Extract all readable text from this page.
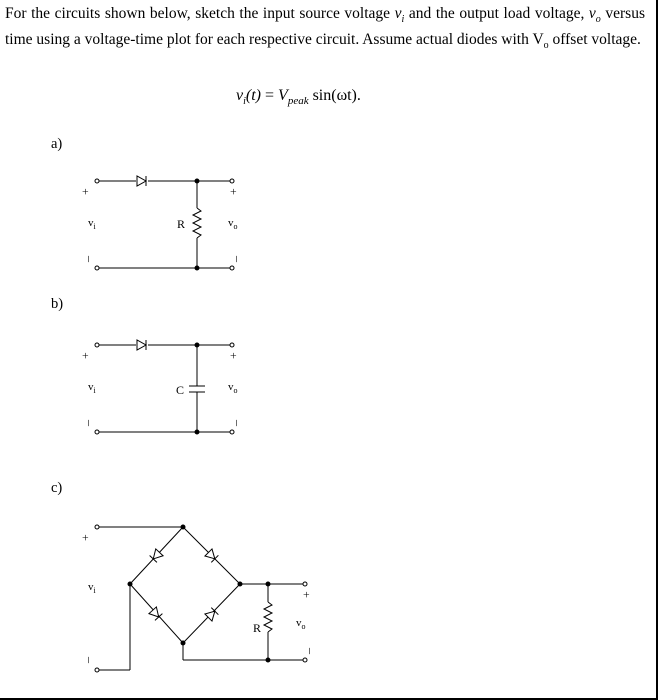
For the circuits shown below, sketch the input source voltage $v_i$ and the output load voltage, $v_o$ versus time using a voltage-time plot for each respective circuit. Assume actual diodes with $V_o$ offset voltage.

$v_i(t) = V_{peak}$ sin(ωt).
a)
b)
c)
+
–
$v_i$	R	$v_o$
+
–
+
–
$v_i$	C	$v_o$
+
–
+
–
$v_i$
R	$v_o$
+
–
